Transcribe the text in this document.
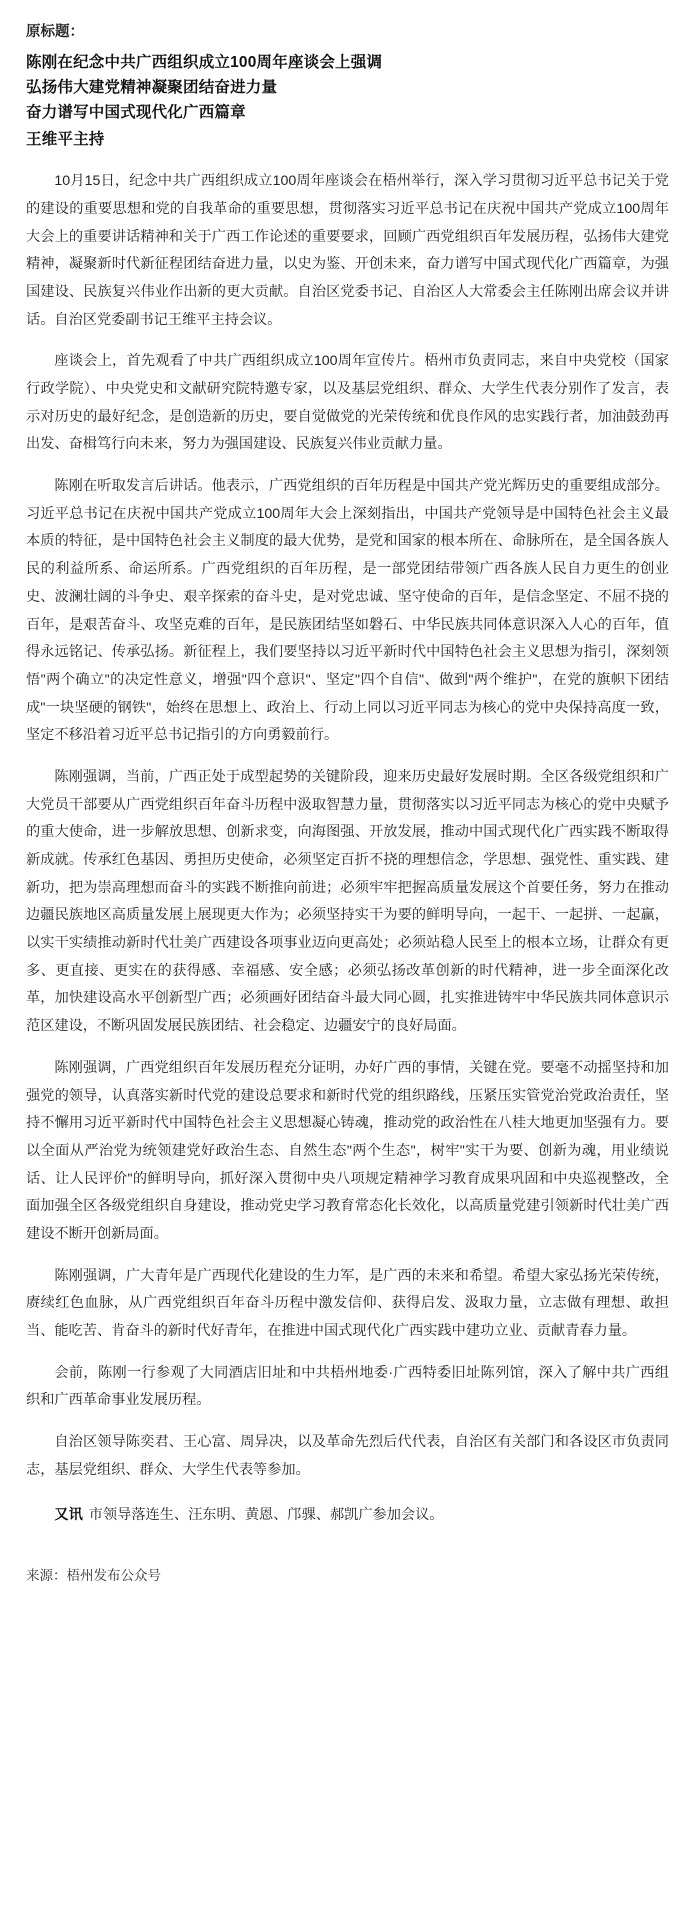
原标题：
陈刚在纪念中共广西组织成立100周年座谈会上强调
弘扬伟大建党精神凝聚团结奋进力量
奋力谱写中国式现代化广西篇章
王维平主持

10月15日，纪念中共广西组织成立100周年座谈会在梧州举行，深入学习贯彻习近平总书记关于党的建设的重要思想和党的自我革命的重要思想，贯彻落实习近平总书记在庆祝中国共产党成立100周年大会上的重要讲话精神和关于广西工作论述的重要要求，回顾广西党组织百年发展历程，弘扬伟大建党精神，凝聚新时代新征程团结奋进力量，以史为鉴、开创未来，奋力谱写中国式现代化广西篇章，为强国建设、民族复兴伟业作出新的更大贡献。自治区党委书记、自治区人大常委会主任陈刚出席会议并讲话。自治区党委副书记王维平主持会议。

座谈会上，首先观看了中共广西组织成立100周年宣传片。梧州市负责同志，来自中央党校（国家行政学院）、中央党史和文献研究院特邀专家，以及基层党组织、群众、大学生代表分别作了发言，表示对历史的最好纪念，是创造新的历史，要自觉做党的光荣传统和优良作风的忠实践行者，加油鼓劲再出发、奋楫笃行向未来，努力为强国建设、民族复兴伟业贡献力量。

陈刚在听取发言后讲话。他表示，广西党组织的百年历程是中国共产党光辉历史的重要组成部分。习近平总书记在庆祝中国共产党成立100周年大会上深刻指出，中国共产党领导是中国特色社会主义最本质的特征，是中国特色社会主义制度的最大优势，是党和国家的根本所在、命脉所在，是全国各族人民的利益所系、命运所系。广西党组织的百年历程，是一部党团结带领广西各族人民自力更生的创业史、波澜壮阔的斗争史、艰辛探索的奋斗史，是对党忠诚、坚守使命的百年，是信念坚定、不屈不挠的百年，是艰苦奋斗、攻坚克难的百年，是民族团结坚如磐石、中华民族共同体意识深入人心的百年，值得永远铭记、传承弘扬。新征程上，我们要坚持以习近平新时代中国特色社会主义思想为指引，深刻领悟"两个确立"的决定性意义，增强"四个意识"、坚定"四个自信"、做到"两个维护"，在党的旗帜下团结成"一块坚硬的钢铁"，始终在思想上、政治上、行动上同以习近平同志为核心的党中央保持高度一致，坚定不移沿着习近平总书记指引的方向勇毅前行。

陈刚强调，当前，广西正处于成型起势的关键阶段，迎来历史最好发展时期。全区各级党组织和广大党员干部要从广西党组织百年奋斗历程中汲取智慧力量，贯彻落实以习近平同志为核心的党中央赋予的重大使命，进一步解放思想、创新求变，向海图强、开放发展，推动中国式现代化广西实践不断取得新成就。传承红色基因、勇担历史使命，必须坚定百折不挠的理想信念，学思想、强党性、重实践、建新功，把为崇高理想而奋斗的实践不断推向前进；必须牢牢把握高质量发展这个首要任务，努力在推动边疆民族地区高质量发展上展现更大作为；必须坚持实干为要的鲜明导向，一起干、一起拼、一起赢，以实干实绩推动新时代壮美广西建设各项事业迈向更高处；必须站稳人民至上的根本立场，让群众有更多、更直接、更实在的获得感、幸福感、安全感；必须弘扬改革创新的时代精神，进一步全面深化改革，加快建设高水平创新型广西；必须画好团结奋斗最大同心圆，扎实推进铸牢中华民族共同体意识示范区建设，不断巩固发展民族团结、社会稳定、边疆安宁的良好局面。

陈刚强调，广西党组织百年发展历程充分证明，办好广西的事情，关键在党。要毫不动摇坚持和加强党的领导，认真落实新时代党的建设总要求和新时代党的组织路线，压紧压实管党治党政治责任，坚持不懈用习近平新时代中国特色社会主义思想凝心铸魂，推动党的政治性在八桂大地更加坚强有力。要以全面从严治党为统领建党好政治生态、自然生态"两个生态"，树牢"实干为要、创新为魂，用业绩说话、让人民评价"的鲜明导向，抓好深入贯彻中央八项规定精神学习教育成果巩固和中央巡视整改，全面加强全区各级党组织自身建设，推动党史学习教育常态化长效化，以高质量党建引领新时代壮美广西建设不断开创新局面。

陈刚强调，广大青年是广西现代化建设的生力军，是广西的未来和希望。希望大家弘扬光荣传统，赓续红色血脉，从广西党组织百年奋斗历程中激发信仰、获得启发、汲取力量，立志做有理想、敢担当、能吃苦、肯奋斗的新时代好青年，在推进中国式现代化广西实践中建功立业、贡献青春力量。

会前，陈刚一行参观了大同酒店旧址和中共梧州地委·广西特委旧址陈列馆，深入了解中共广西组织和广西革命事业发展历程。

自治区领导陈奕君、王心富、周异决，以及革命先烈后代代表，自治区有关部门和各设区市负责同志，基层党组织、群众、大学生代表等参加。

又讯 市领导落连生、汪东明、黄恩、邝骒、郝凯广参加会议。

来源：梧州发布公众号
